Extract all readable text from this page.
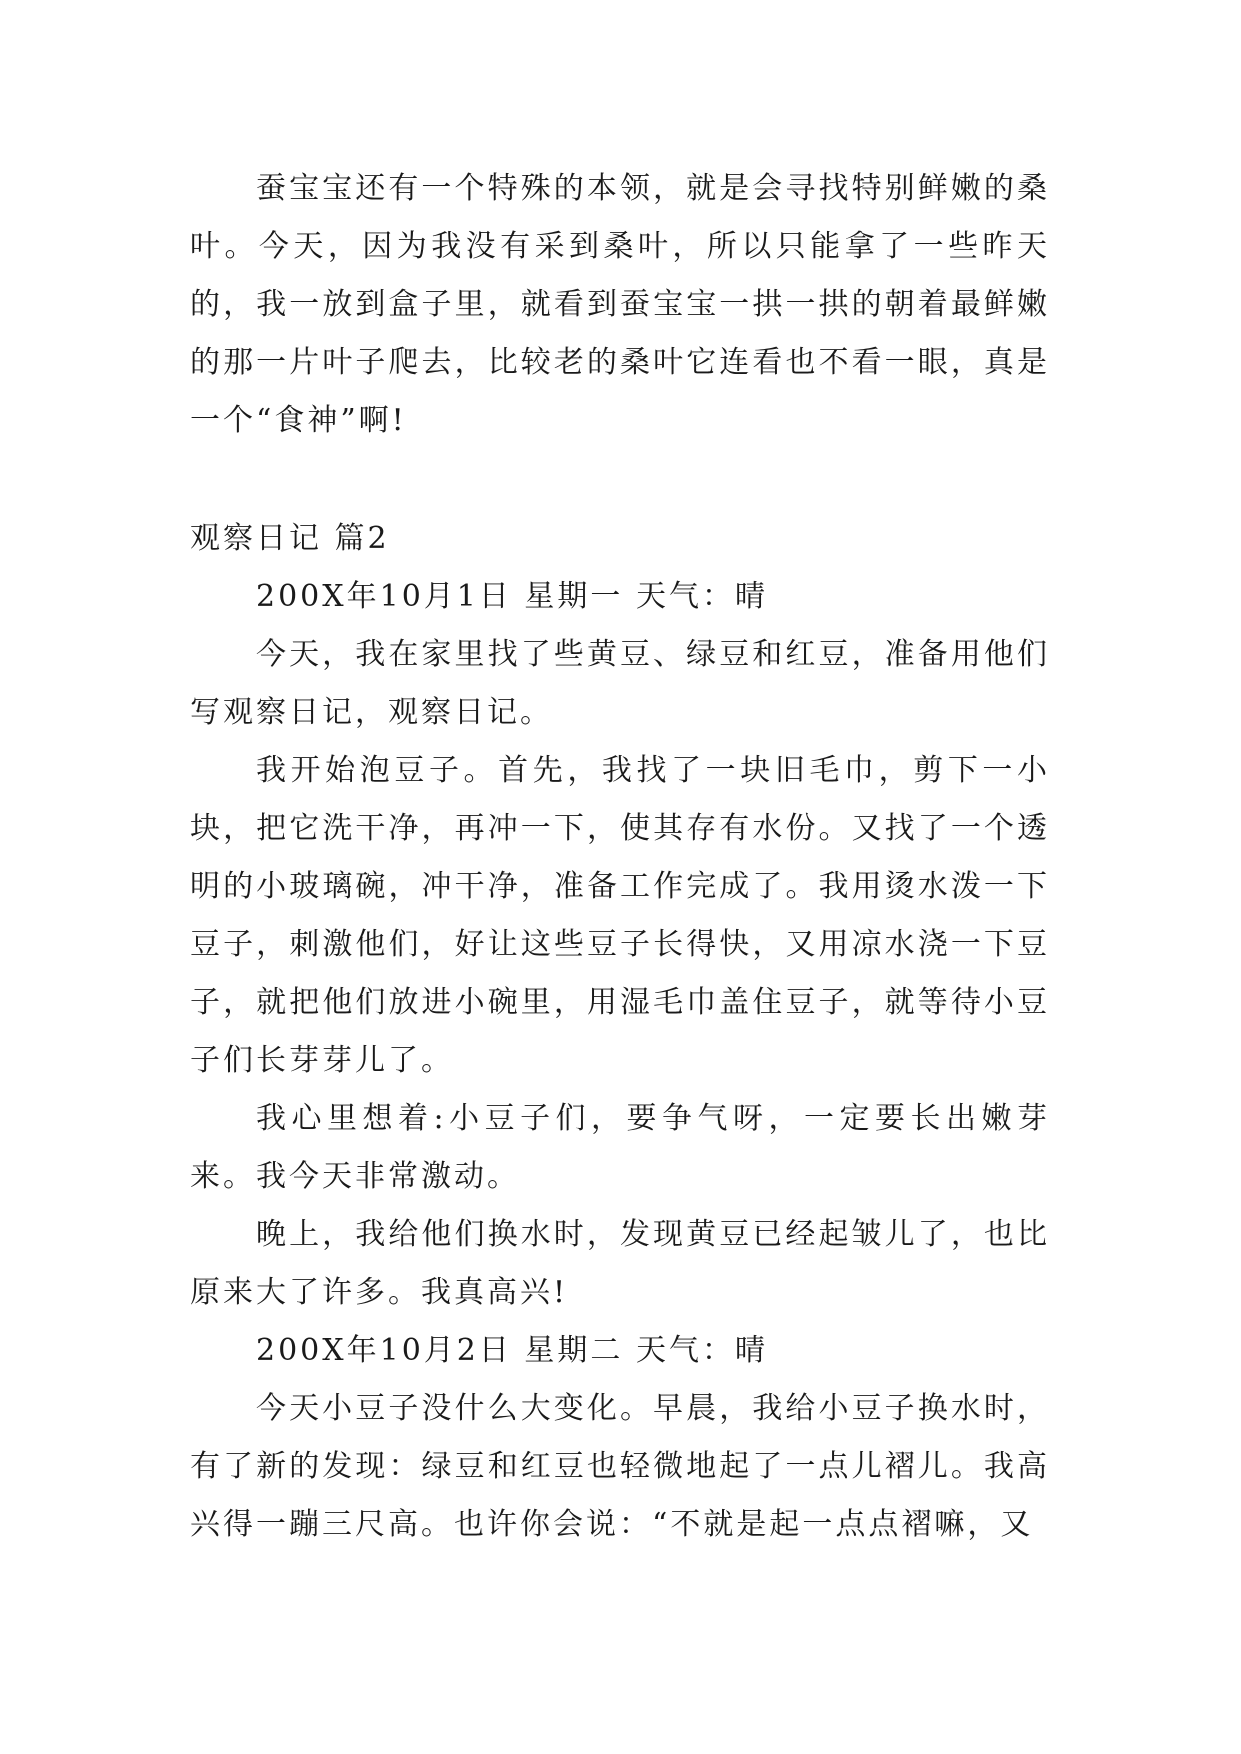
蚕宝宝还有一个特殊的本领，就是会寻找特别鲜嫩的桑叶。今天，因为我没有采到桑叶，所以只能拿了一些昨天的，我一放到盒子里，就看到蚕宝宝一拱一拱的朝着最鲜嫩的那一片叶子爬去，比较老的桑叶它连看也不看一眼，真是一个“食神”啊!

观察日记 篇2

200X年10月1日 星期一 天气：晴

今天，我在家里找了些黄豆、绿豆和红豆，准备用他们写观察日记，观察日记。

我开始泡豆子。首先，我找了一块旧毛巾，剪下一小块，把它洗干净，再冲一下，使其存有水份。又找了一个透明的小玻璃碗，冲干净，准备工作完成了。我用烫水泼一下豆子，刺激他们，好让这些豆子长得快，又用凉水浇一下豆子，就把他们放进小碗里，用湿毛巾盖住豆子，就等待小豆子们长芽芽儿了。

我心里想着:小豆子们，要争气呀，一定要长出嫩芽来。我今天非常激动。

晚上，我给他们换水时，发现黄豆已经起皱儿了，也比原来大了许多。我真高兴!

200X年10月2日 星期二 天气：晴

今天小豆子没什么大变化。早晨，我给小豆子换水时，有了新的发现：绿豆和红豆也轻微地起了一点儿褶儿。我高兴得一蹦三尺高。也许你会说：“不就是起一点点褶嘛，又
